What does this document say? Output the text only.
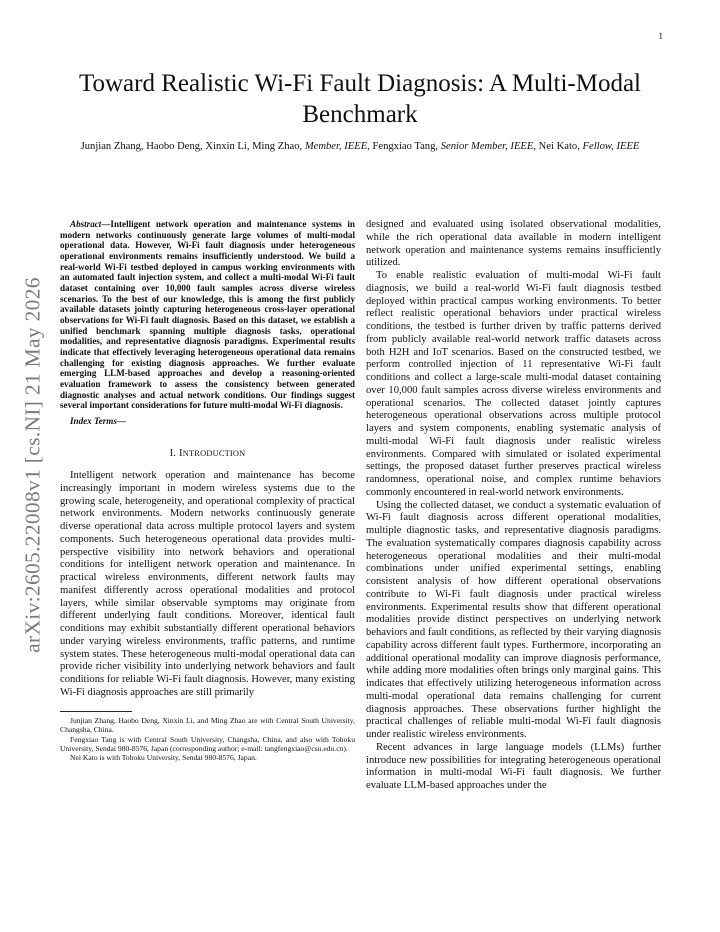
1
arXiv:2605.22008v1 [cs.NI] 21 May 2026
Toward Realistic Wi-Fi Fault Diagnosis: A Multi-Modal Benchmark
Junjian Zhang, Haobo Deng, Xinxin Li, Ming Zhao, Member, IEEE, Fengxiao Tang, Senior Member, IEEE, Nei Kato, Fellow, IEEE

Abstract—Intelligent network operation and maintenance systems in modern networks continuously generate large volumes of multi-modal operational data. However, Wi-Fi fault diagnosis under heterogeneous operational environments remains insufficiently understood. We build a real-world Wi-Fi testbed deployed in campus working environments with an automated fault injection system, and collect a multi-modal Wi-Fi fault dataset containing over 10,000 fault samples across diverse wireless scenarios. To the best of our knowledge, this is among the first publicly available datasets jointly capturing heterogeneous cross-layer operational observations for Wi-Fi fault diagnosis. Based on this dataset, we establish a unified benchmark spanning multiple diagnosis tasks, operational modalities, and representative diagnosis paradigms. Experimental results indicate that effectively leveraging heterogeneous operational data remains challenging for existing diagnosis approaches. We further evaluate emerging LLM-based approaches and develop a reasoning-oriented evaluation framework to assess the consistency between generated diagnostic analyses and actual network conditions. Our findings suggest several important considerations for future multi-modal Wi-Fi diagnosis.

Index Terms—

I. INTRODUCTION

Intelligent network operation and maintenance has become increasingly important in modern wireless systems due to the growing scale, heterogeneity, and operational complexity of practical network environments. Modern networks continuously generate diverse operational data across multiple protocol layers and system components. Such heterogeneous operational data provides multi-perspective visibility into network behaviors and operational conditions for intelligent network operation and maintenance. In practical wireless environments, different network faults may manifest differently across operational modalities and protocol layers, while similar observable symptoms may originate from different underlying fault conditions. Moreover, identical fault conditions may exhibit substantially different operational behaviors under varying wireless environments, traffic patterns, and runtime system states. These heterogeneous multi-modal operational data can provide richer visibility into underlying network behaviors and fault conditions for reliable Wi-Fi fault diagnosis. However, many existing Wi-Fi diagnosis approaches are still primarily

Junjian Zhang, Haobo Deng, Xinxin Li, and Ming Zhao are with Central South University, Changsha, China.

Fengxiao Tang is with Central South University, Changsha, China, and also with Tohoku University, Sendai 980-8576, Japan (corresponding author; e-mail: tangfengxiao@csu.edu.cn).

Nei Kato is with Tohoku University, Sendai 980-8576, Japan.

designed and evaluated using isolated observational modalities, while the rich operational data available in modern intelligent network operation and maintenance systems remains insufficiently utilized.

To enable realistic evaluation of multi-modal Wi-Fi fault diagnosis, we build a real-world Wi-Fi fault diagnosis testbed deployed within practical campus working environments. To better reflect realistic operational behaviors under practical wireless conditions, the testbed is further driven by traffic patterns derived from publicly available real-world network traffic datasets across both H2H and IoT scenarios. Based on the constructed testbed, we perform controlled injection of 11 representative Wi-Fi fault conditions and collect a large-scale multi-modal dataset containing over 10,000 fault samples across diverse wireless environments and operational scenarios. The collected dataset jointly captures heterogeneous operational observations across multiple protocol layers and system components, enabling systematic analysis of multi-modal Wi-Fi fault diagnosis under realistic wireless environments. Compared with simulated or isolated experimental settings, the proposed dataset further preserves practical wireless randomness, operational noise, and complex runtime behaviors commonly encountered in real-world network environments.

Using the collected dataset, we conduct a systematic evaluation of Wi-Fi fault diagnosis across different operational modalities, multiple diagnostic tasks, and representative diagnosis paradigms. The evaluation systematically compares diagnosis capability across heterogeneous operational modalities and their multi-modal combinations under unified experimental settings, enabling consistent analysis of how different operational observations contribute to Wi-Fi fault diagnosis under practical wireless environments. Experimental results show that different operational modalities provide distinct perspectives on underlying network behaviors and fault conditions, as reflected by their varying diagnosis capability across different fault types. Furthermore, incorporating an additional operational modality can improve diagnosis performance, while adding more modalities often brings only marginal gains. This indicates that effectively utilizing heterogeneous information across multi-modal operational data remains challenging for current diagnosis approaches. These observations further highlight the practical challenges of reliable multi-modal Wi-Fi fault diagnosis under realistic wireless environments.

Recent advances in large language models (LLMs) further introduce new possibilities for integrating heterogeneous operational information in multi-modal Wi-Fi fault diagnosis. We further evaluate LLM-based approaches under the
